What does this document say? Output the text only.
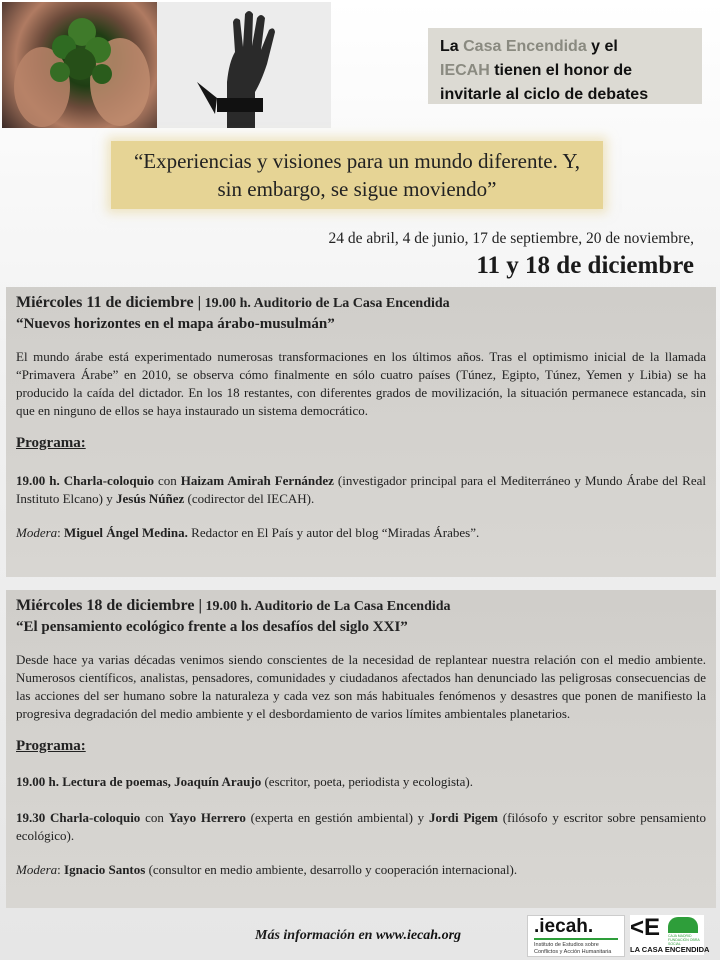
La Casa Encendida y el
IECAH tienen el honor de invitarle al ciclo de debates
“Experiencias y visiones para un mundo diferente. Y, sin embargo, se sigue moviendo”
24 de abril, 4 de junio, 17 de septiembre, 20 de noviembre,
11 y 18 de diciembre
Miércoles 11 de diciembre | 19.00 h. Auditorio de La Casa Encendida
“Nuevos horizontes en el mapa árabo-musulmán”

El mundo árabe está experimentado numerosas transformaciones en los últimos años. Tras el optimismo inicial de la llamada “Primavera Árabe” en 2010, se observa cómo finalmente en sólo cuatro países (Túnez, Egipto, Túnez, Yemen y Libia) se ha producido la caída del dictador. En los 18 restantes, con diferentes grados de movilización, la situación permanece estancada, sin que en ninguno de ellos se haya instaurado un sistema democrático.

Programa:

19.00 h. Charla-coloquio con Haizam Amirah Fernández (investigador principal para el Mediterráneo y Mundo Árabe del Real Instituto Elcano) y Jesús Núñez (codirector del IECAH).

Modera: Miguel Ángel Medina. Redactor en El País y autor del blog “Miradas Árabes”.

Miércoles 18 de diciembre | 19.00 h. Auditorio de La Casa Encendida
“El pensamiento ecológico frente a los desafíos del siglo XXI”

Desde hace ya varias décadas venimos siendo conscientes de la necesidad de replantear nuestra relación con el medio ambiente. Numerosos científicos, analistas, pensadores, comunidades y ciudadanos afectados han denunciado las peligrosas consecuencias de las acciones del ser humano sobre la naturaleza y cada vez son más habituales fenómenos y desastres que ponen de manifiesto la progresiva degradación del medio ambiente y el desbordamiento de varios límites ambientales planetarios.

Programa:

19.00 h. Lectura de poemas, Joaquín Araujo (escritor, poeta, periodista y ecologista).

19.30 Charla-coloquio con Yayo Herrero (experta en gestión ambiental) y Jordi Pigem (filósofo y escritor sobre pensamiento ecológico).

Modera: Ignacio Santos (consultor en medio ambiente, desarrollo y cooperación internacional).

Más información en www.iecah.org	.iecah.
Instituto de Estudios sobre Conflictos y Acción Humanitaria
<E CAJA MADRID FUNDACIÓN OBRA SOCIAL
LA CASA ENCENDIDA
